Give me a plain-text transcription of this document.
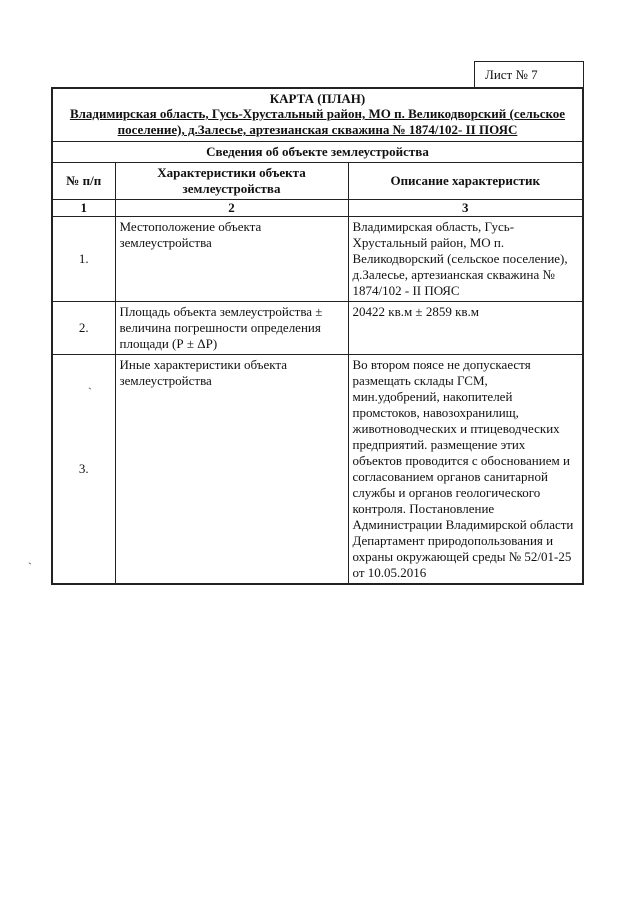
Лист № 7
КАРТА (ПЛАН)
Владимирская область, Гусь-Хрустальный район, МО п. Великодворский (сельское поселение), д.Залесье, артезианская скважина № 1874/102- II ПОЯС
Сведения об объекте землеустройства
№ п/п	Характеристики объекта землеустройства	Описание характеристик
1	2	3
1.	Местоположение объекта землеустройства	Владимирская область, Гусь-Хрустальный район, МО п. Великодворский (сельское поселение), д.Залесье, артезианская скважина № 1874/102 - II ПОЯС
2.	Площадь объекта землеустройства ± величина погрешности определения площади (Р ± ΔР)	20422 кв.м ± 2859 кв.м
3.	Иные характеристики объекта землеустройства	Во втором поясе не допускаестя размещать склады ГСМ, мин.удобрений, накопителей промстоков, навозохранилищ, животноводческих и птицеводческих предприятий. размещение этих объектов проводится с обоснованием и согласованием органов санитарной службы и органов геологического контроля. Постановление Администрации Владимирской области Департамент природопользования и охраны окружающей среды № 52/01-25 от 10.05.2016
ˏ
ˏ
